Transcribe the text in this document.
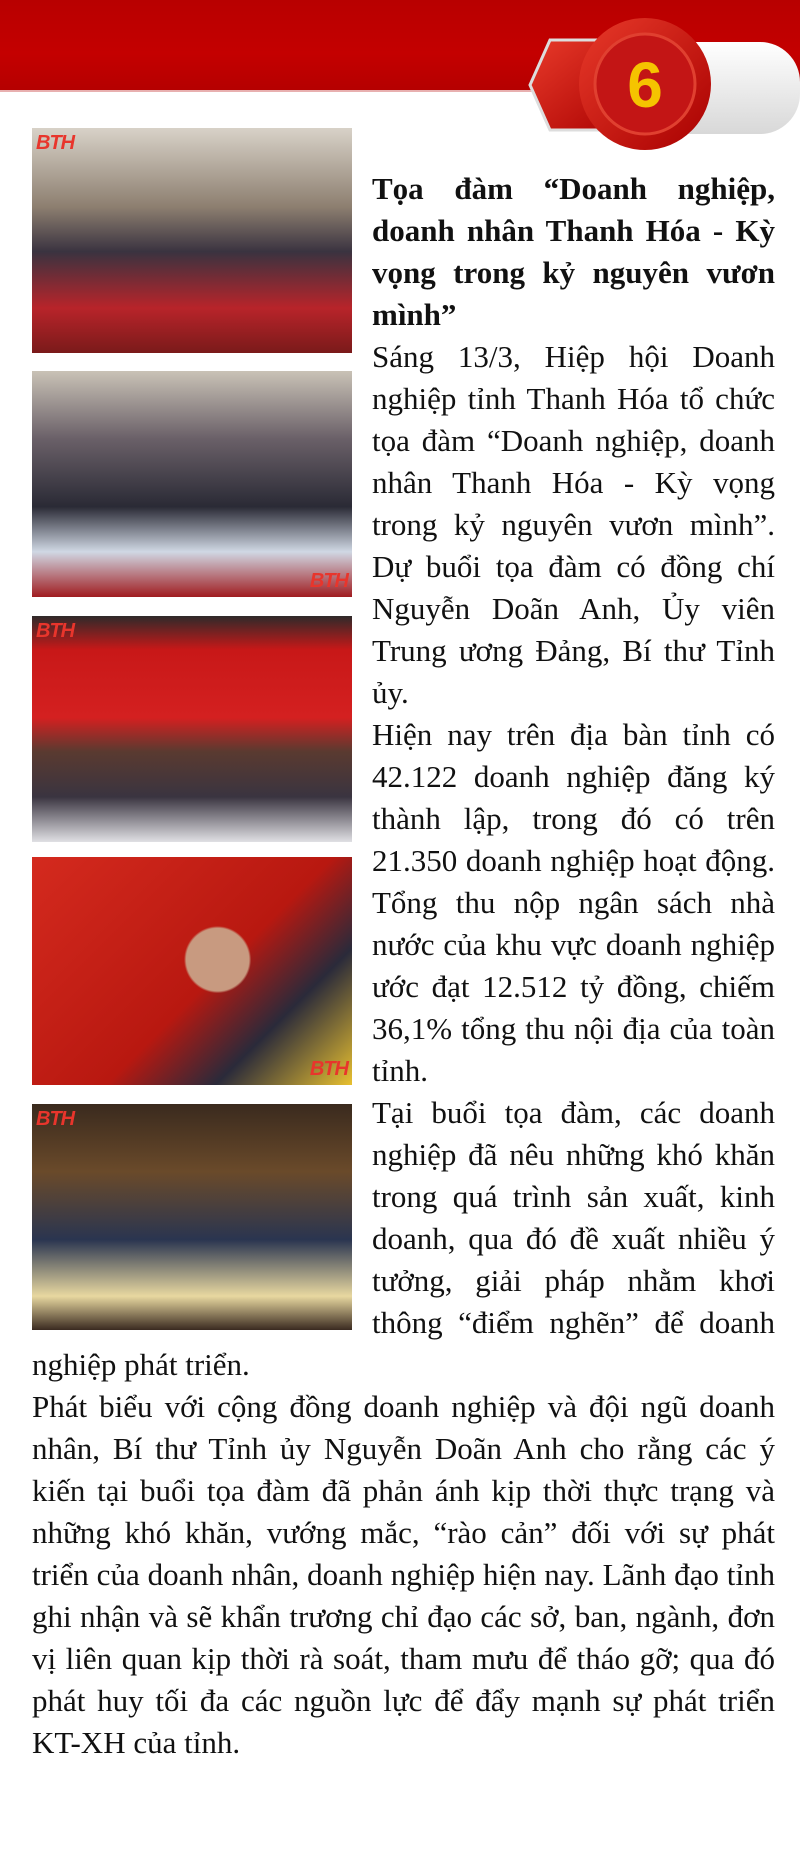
6
BTH
BTH
BTH
BTH
BTH
Tọa đàm “Doanh nghiệp, doanh nhân Thanh Hóa - Kỳ vọng trong kỷ nguyên vươn mình”

Sáng 13/3, Hiệp hội Doanh nghiệp tỉnh Thanh Hóa tổ chức tọa đàm “Doanh nghiệp, doanh nhân Thanh Hóa - Kỳ vọng trong kỷ nguyên vươn mình”. Dự buổi tọa đàm có đồng chí Nguyễn Doãn Anh, Ủy viên Trung ương Đảng, Bí thư Tỉnh ủy.

Hiện nay trên địa bàn tỉnh có 42.122 doanh nghiệp đăng ký thành lập, trong đó có trên 21.350 doanh nghiệp hoạt động. Tổng thu nộp ngân sách nhà nước của khu vực doanh nghiệp ước đạt 12.512 tỷ đồng, chiếm 36,1% tổng thu nội địa của toàn tỉnh.

Tại buổi tọa đàm, các doanh nghiệp đã nêu những khó khăn trong quá trình sản xuất, kinh doanh, qua đó đề xuất nhiều ý tưởng, giải pháp nhằm khơi thông “điểm nghẽn” để doanh nghiệp phát triển.

Phát biểu với cộng đồng doanh nghiệp và đội ngũ doanh nhân, Bí thư Tỉnh ủy Nguyễn Doãn Anh cho rằng các ý kiến tại buổi tọa đàm đã phản ánh kịp thời thực trạng và những khó khăn, vướng mắc, “rào cản” đối với sự phát triển của doanh nhân, doanh nghiệp hiện nay. Lãnh đạo tỉnh ghi nhận và sẽ khẩn trương chỉ đạo các sở, ban, ngành, đơn vị liên quan kịp thời rà soát, tham mưu để tháo gỡ; qua đó phát huy tối đa các nguồn lực để đẩy mạnh sự phát triển KT-XH của tỉnh.
